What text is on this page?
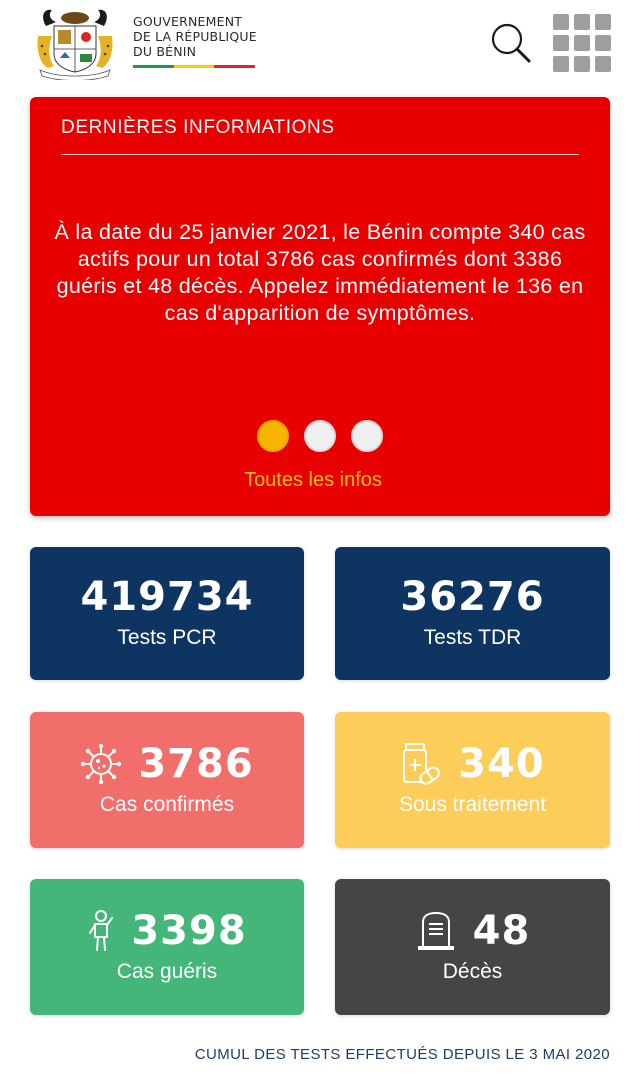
GOUVERNEMENT
DE LA RÉPUBLIQUE
DU BÉNIN
DERNIÈRES INFORMATIONS
À la date du 25 janvier 2021, le Bénin compte 340 cas actifs pour un total 3786 cas confirmés dont 3386 guéris et 48 décès. Appelez immédiatement le 136 en cas d'apparition de symptômes.
Toutes les infos
419734
Tests PCR
36276
Tests TDR
3786
Cas confirmés
340
Sous traitement
3398
Cas guéris
48
Décès
CUMUL DES TESTS EFFECTUÉS DEPUIS LE 3 MAI 2020
